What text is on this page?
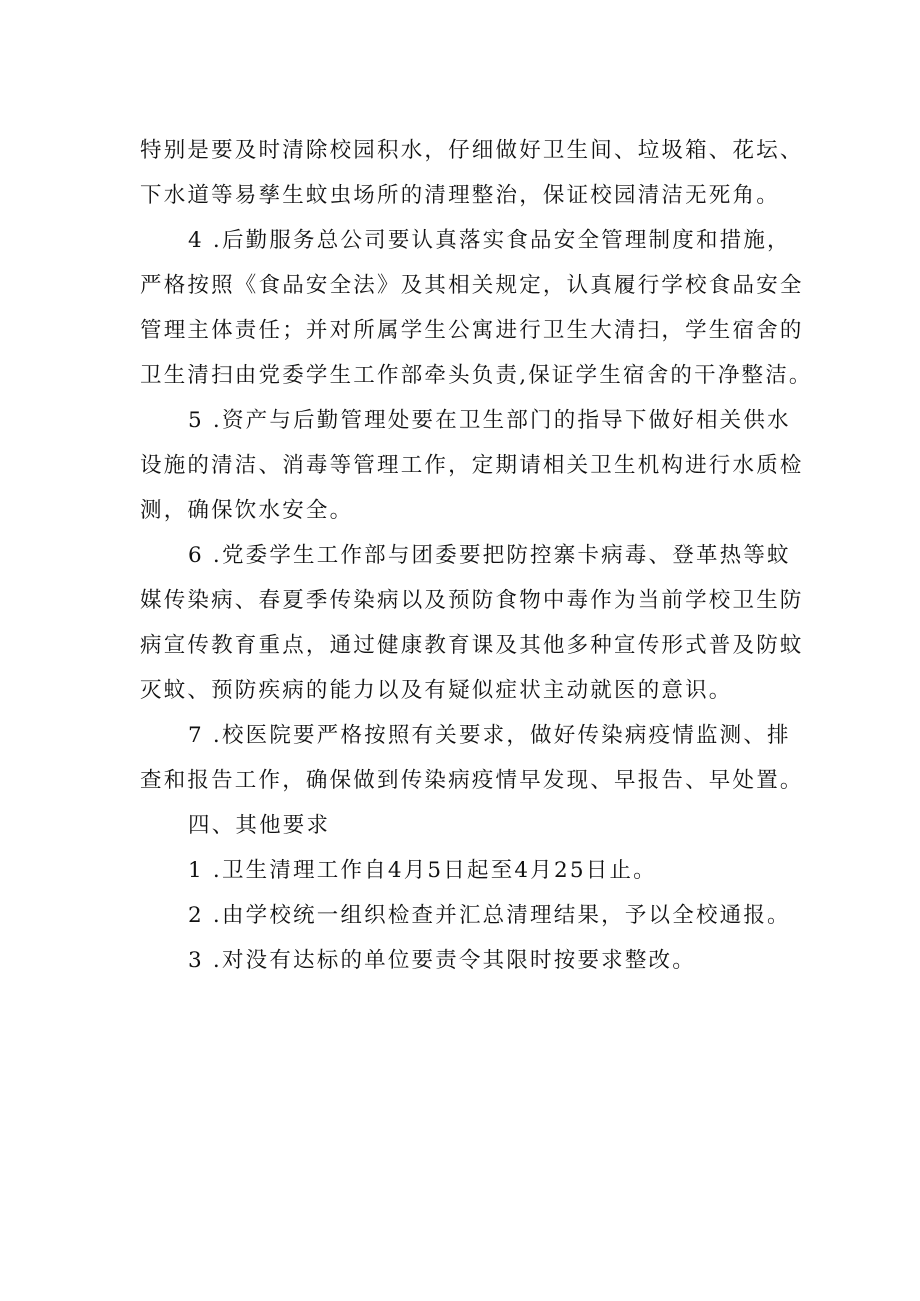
特别是要及时清除校园积水，仔细做好卫生间、垃圾箱、花坛、
下水道等易孳生蚊虫场所的清理整治，保证校园清洁无死角。

4 .后勤服务总公司要认真落实食品安全管理制度和措施，
严格按照《食品安全法》及其相关规定，认真履行学校食品安全
管理主体责任；并对所属学生公寓进行卫生大清扫，学生宿舍的
卫生清扫由党委学生工作部牵头负责,保证学生宿舍的干净整洁。

5 .资产与后勤管理处要在卫生部门的指导下做好相关供水
设施的清洁、消毒等管理工作，定期请相关卫生机构进行水质检
测，确保饮水安全。

6 .党委学生工作部与团委要把防控寨卡病毒、登革热等蚊
媒传染病、春夏季传染病以及预防食物中毒作为当前学校卫生防
病宣传教育重点，通过健康教育课及其他多种宣传形式普及防蚊
灭蚊、预防疾病的能力以及有疑似症状主动就医的意识。

7 .校医院要严格按照有关要求，做好传染病疫情监测、排
查和报告工作，确保做到传染病疫情早发现、早报告、早处置。

四、其他要求

1 .卫生清理工作自4月5日起至4月25日止。

2 .由学校统一组织检查并汇总清理结果，予以全校通报。

3 .对没有达标的单位要责令其限时按要求整改。
